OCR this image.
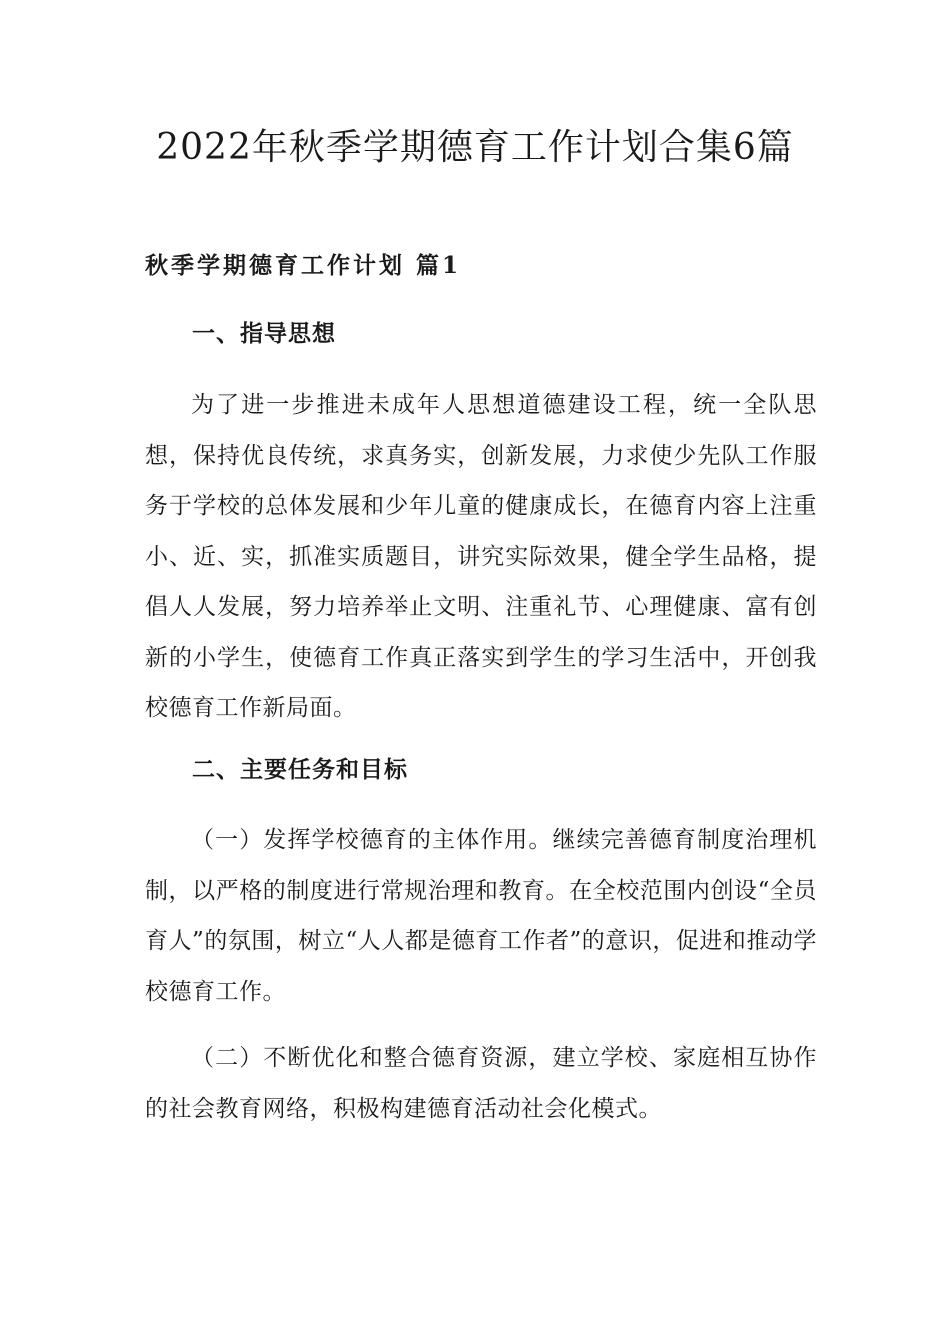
2022年秋季学期德育工作计划合集6篇
秋季学期德育工作计划 篇1
一、指导思想

为了进一步推进未成年人思想道德建设工程，统一全队思想，保持优良传统，求真务实，创新发展，力求使少先队工作服务于学校的总体发展和少年儿童的健康成长，在德育内容上注重小、近、实，抓准实质题目，讲究实际效果，健全学生品格，提倡人人发展，努力培养举止文明、注重礼节、心理健康、富有创新的小学生，使德育工作真正落实到学生的学习生活中，开创我校德育工作新局面。

二、主要任务和目标

（一）发挥学校德育的主体作用。继续完善德育制度治理机制，以严格的制度进行常规治理和教育。在全校范围内创设“全员育人”的氛围，树立“人人都是德育工作者”的意识，促进和推动学校德育工作。

（二）不断优化和整合德育资源，建立学校、家庭相互协作的社会教育网络，积极构建德育活动社会化模式。
